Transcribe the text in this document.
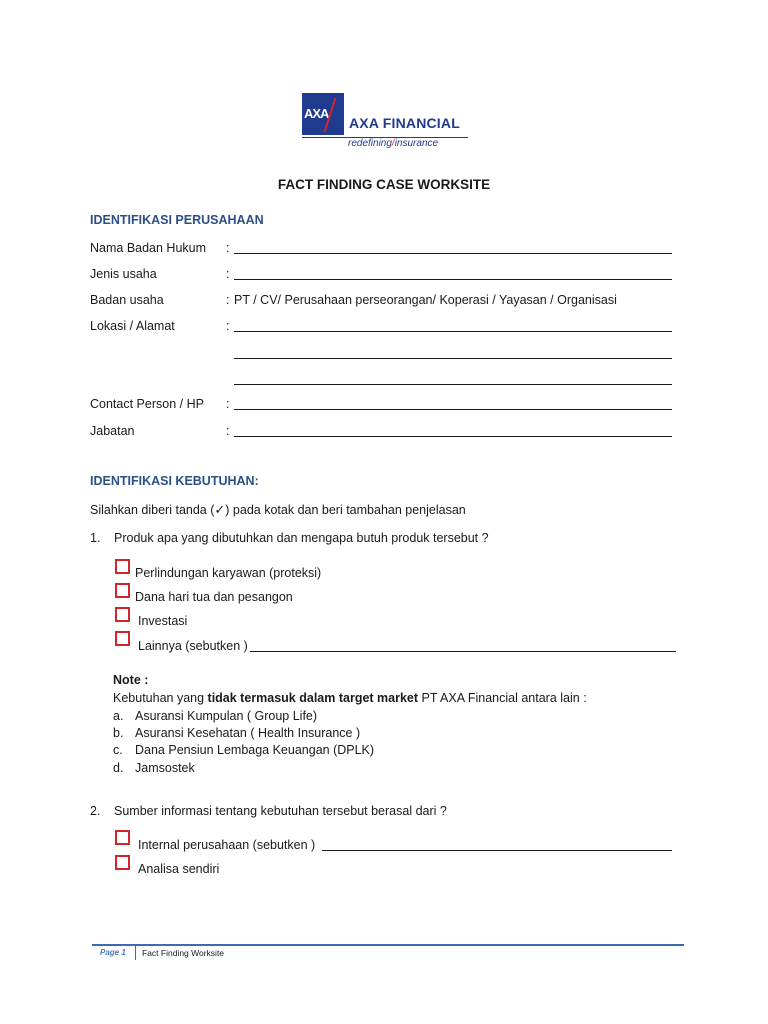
AXA
AXA FINANCIAL
redefining/insurance
FACT FINDING CASE WORKSITE
IDENTIFIKASI PERUSAHAAN
Nama Badan Hukum :
Jenis usaha	:
Badan usaha	: PT / CV/ Perusahaan perseorangan/ Koperasi / Yayasan / Organisasi
Lokasi / Alamat	:
Contact Person / HP :
Jabatan	:
IDENTIFIKASI KEBUTUHAN:
Silahkan diberi tanda (✓) pada kotak dan beri tambahan penjelasan
1. Produk apa yang dibutuhkan dan mengapa butuh produk tersebut ?
Perlindungan karyawan (proteksi)
Dana hari tua dan pesangon
Investasi
Lainnya (sebutken )
Note :
Kebutuhan yang tidak termasuk dalam target market PT AXA Financial antara lain :
a. Asuransi Kumpulan ( Group Life)
b. Asuransi Kesehatan ( Health Insurance )
c. Dana Pensiun Lembaga Keuangan (DPLK)
d. Jamsostek
2. Sumber informasi tentang kebutuhan tersebut berasal dari ?
Internal perusahaan (sebutken )
Analisa sendiri
Page 1 Fact Finding Worksite
